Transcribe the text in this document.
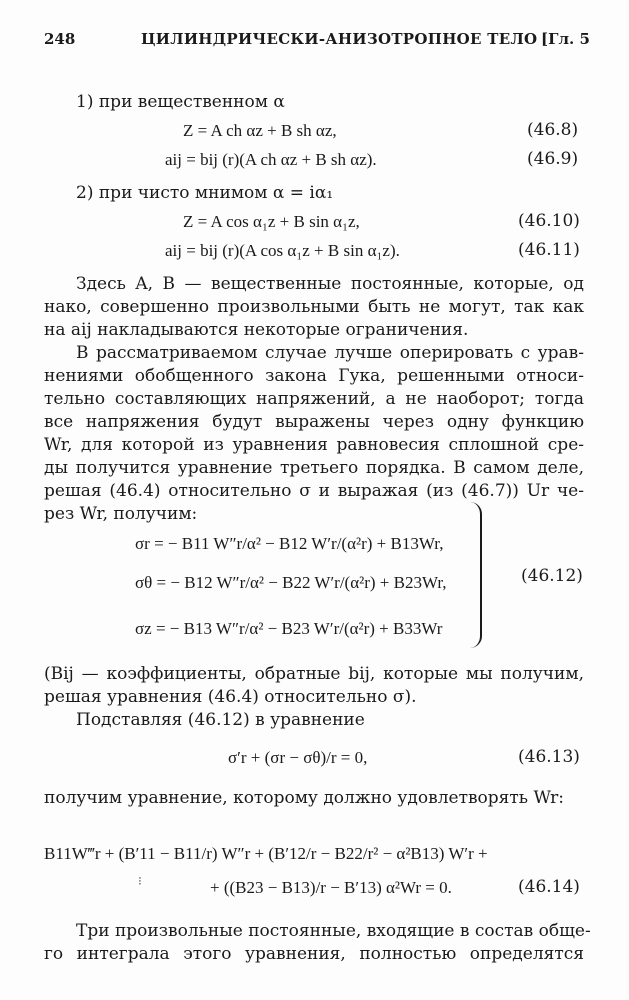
248	ЦИЛИНДРИЧЕСКИ-АНИЗОТРОПНОЕ ТЕЛО [Гл. 5
1) при вещественном α
Z = A ch αz + B sh αz,	(46.8)
aij = bij (r)(A ch αz + B sh αz).	(46.9)
2) при чисто мнимом α = iα₁
Z = A cos α₁z + B sin α₁z,	(46.10)
aij = bij (r)(A cos α₁z + B sin α₁z).	(46.11)
Здесь A, B — вещественные постоянные, которые, од
нако, совершенно произвольными быть не могут, так как
на aij накладываются некоторые ограничения.
В рассматриваемом случае лучше оперировать с урав-
нениями обобщенного закона Гука, решенными относи-
тельно составляющих напряжений, а не наоборот; тогда
все напряжения будут выражены через одну функцию
Wr, для которой из уравнения равновесия сплошной сре-
ды получится уравнение третьего порядка. В самом деле,
решая (46.4) относительно σ и выражая (из (46.7)) Ur че-
рез Wr, получим:
σr = − B11 W″r/α² − B12 W′r/(α²r) + B13Wr,
σθ = − B12 W″r/α² − B22 W′r/(α²r) + B23Wr,
σz = − B13 W″r/α² − B23 W′r/(α²r) + B33Wr
(46.12)
(Bij — коэффициенты, обратные bij, которые мы получим,
решая уравнения (46.4) относительно σ).
Подставляя (46.12) в уравнение
σ′r + (σr − σθ)/r = 0,	(46.13)
получим уравнение, которому должно удовлетворять Wr:
B11W‴r + (B′11 − B11/r) W″r + (B′12/r − B22/r² − α²B13) W′r +
⁝	+ ((B23 − B13)/r − B′13) α²Wr = 0.	(46.14)
Три произвольные постоянные, входящие в состав обще-
го интеграла этого уравнения, полностью определятся
